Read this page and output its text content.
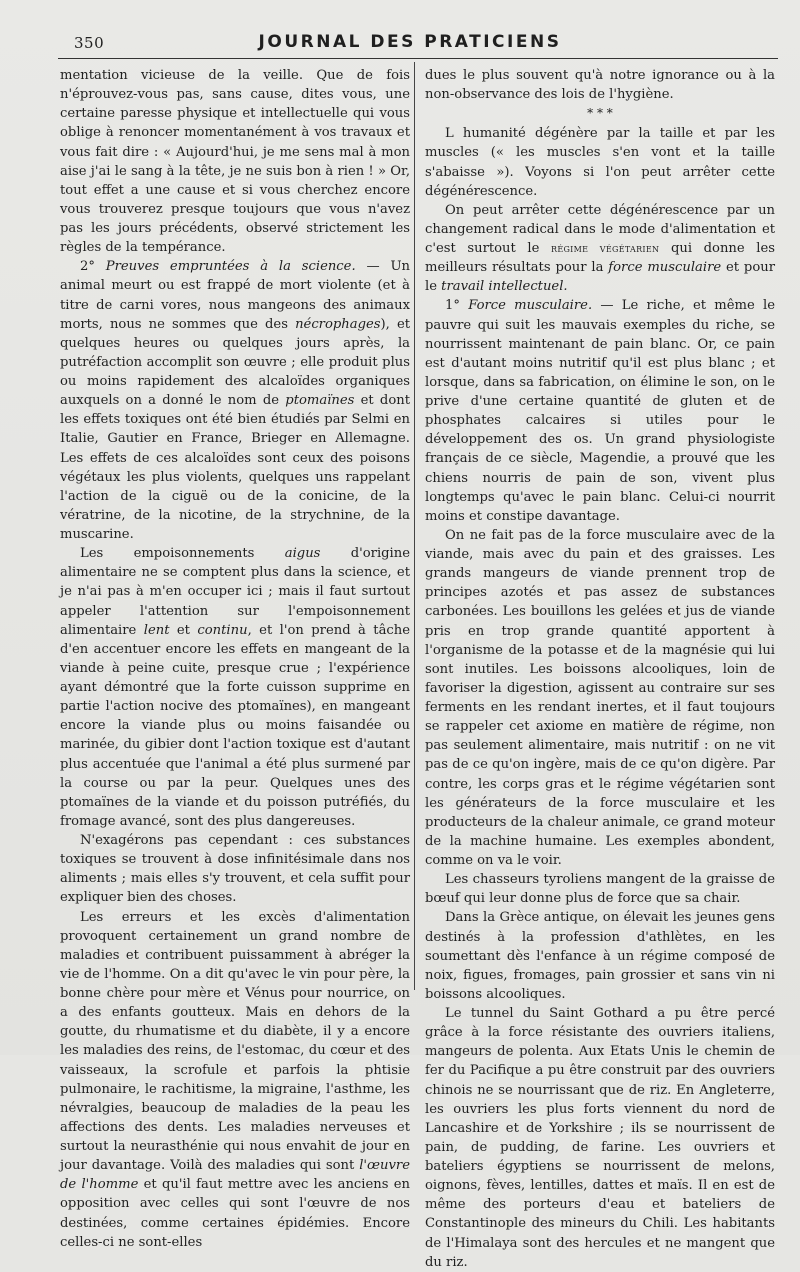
350	JOURNAL DES PRATICIENS

mentation vicieuse de la veille. Que de fois n'éprouvez-vous pas, sans cause, dites vous, une certaine paresse physique et intellectuelle qui vous oblige à renoncer momentanément à vos travaux et vous fait dire : « Aujourd'hui, je me sens mal à mon aise j'ai le sang à la tête, je ne suis bon à rien ! » Or, tout effet a une cause et si vous cherchez encore vous trouverez presque toujours que vous n'avez pas les jours précédents, observé strictement les règles de la tempérance.

2° Preuves empruntées à la science. — Un animal meurt ou est frappé de mort violente (et à titre de carni vores, nous mangeons des animaux morts, nous ne sommes que des nécrophages), et quelques heures ou quelques jours après, la putréfaction accomplit son œuvre ; elle produit plus ou moins rapidement des alcaloïdes organiques auxquels on a donné le nom de ptomaïnes et dont les effets toxiques ont été bien étudiés par Selmi en Italie, Gautier en France, Brieger en Allemagne. Les effets de ces alcaloïdes sont ceux des poisons végétaux les plus violents, quelques uns rappelant l'action de la ciguë ou de la conicine, de la vératrine, de la nicotine, de la strychnine, de la muscarine.

Les empoisonnements aigus d'origine alimentaire ne se comptent plus dans la science, et je n'ai pas à m'en occuper ici ; mais il faut surtout appeler l'attention sur l'empoisonnement alimentaire lent et continu, et l'on prend à tâche d'en accentuer encore les effets en mangeant de la viande à peine cuite, presque crue ; l'expérience ayant démontré que la forte cuisson supprime en partie l'action nocive des ptomaïnes), en mangeant encore la viande plus ou moins faisandée ou marinée, du gibier dont l'action toxique est d'autant plus accentuée que l'animal a été plus surmené par la course ou par la peur. Quelques unes des ptomaïnes de la viande et du poisson putréfiés, du fromage avancé, sont des plus dangereuses.

N'exagérons pas cependant : ces substances toxiques se trouvent à dose infinitésimale dans nos aliments ; mais elles s'y trouvent, et cela suffit pour expliquer bien des choses.

Les erreurs et les excès d'alimentation provoquent certainement un grand nombre de maladies et contribuent puissamment à abréger la vie de l'homme. On a dit qu'avec le vin pour père, la bonne chère pour mère et Vénus pour nourrice, on a des enfants goutteux. Mais en dehors de la goutte, du rhumatisme et du diabète, il y a encore les maladies des reins, de l'estomac, du cœur et des vaisseaux, la scrofule et parfois la phtisie pulmonaire, le rachitisme, la migraine, l'asthme, les névralgies, beaucoup de maladies de la peau les affections des dents. Les maladies nerveuses et surtout la neurasthénie qui nous envahit de jour en jour davantage. Voilà des maladies qui sont l'œuvre de l'homme et qu'il faut mettre avec les anciens en opposition avec celles qui sont l'œuvre de nos destinées, comme certaines épidémies. Encore celles-ci ne sont-elles

dues le plus souvent qu'à notre ignorance ou à la non-observance des lois de l'hygiène.

* * *

L humanité dégénère par la taille et par les muscles (« les muscles s'en vont et la taille s'abaisse »). Voyons si l'on peut arrêter cette dégénérescence.

On peut arrêter cette dégénérescence par un changement radical dans le mode d'alimentation et c'est surtout le régime végétarien qui donne les meilleurs résultats pour la force musculaire et pour le travail intellectuel.

1° Force musculaire. — Le riche, et même le pauvre qui suit les mauvais exemples du riche, se nourrissent maintenant de pain blanc. Or, ce pain est d'autant moins nutritif qu'il est plus blanc ; et lorsque, dans sa fabrication, on élimine le son, on le prive d'une certaine quantité de gluten et de phosphates calcaires si utiles pour le développement des os. Un grand physiologiste français de ce siècle, Magendie, a prouvé que les chiens nourris de pain de son, vivent plus longtemps qu'avec le pain blanc. Celui-ci nourrit moins et constipe davantage.

On ne fait pas de la force musculaire avec de la viande, mais avec du pain et des graisses. Les grands mangeurs de viande prennent trop de principes azotés et pas assez de substances carbonées. Les bouillons les gelées et jus de viande pris en trop grande quantité apportent à l'organisme de la potasse et de la magnésie qui lui sont inutiles. Les boissons alcooliques, loin de favoriser la digestion, agissent au contraire sur ses ferments en les rendant inertes, et il faut toujours se rappeler cet axiome en matière de régime, non pas seulement alimentaire, mais nutritif : on ne vit pas de ce qu'on ingère, mais de ce qu'on digère. Par contre, les corps gras et le régime végétarien sont les générateurs de la force musculaire et les producteurs de la chaleur animale, ce grand moteur de la machine humaine. Les exemples abondent, comme on va le voir.

Les chasseurs tyroliens mangent de la graisse de bœuf qui leur donne plus de force que sa chair.

Dans la Grèce antique, on élevait les jeunes gens destinés à la profession d'athlètes, en les soumettant dès l'enfance à un régime composé de noix, figues, fromages, pain grossier et sans vin ni boissons alcooliques.

Le tunnel du Saint Gothard a pu être percé grâce à la force résistante des ouvriers italiens, mangeurs de polenta. Aux Etats Unis le chemin de fer du Pacifique a pu être construit par des ouvriers chinois ne se nourrissant que de riz. En Angleterre, les ouvriers les plus forts viennent du nord de Lancashire et de Yorkshire ; ils se nourrissent de pain, de pudding, de farine. Les ouvriers et bateliers égyptiens se nourrissent de melons, oignons, fèves, lentilles, dattes et maïs. Il en est de même des porteurs d'eau et bateliers de Constantinople des mineurs du Chili. Les habitants de l'Himalaya sont des hercules et ne mangent que du riz.
